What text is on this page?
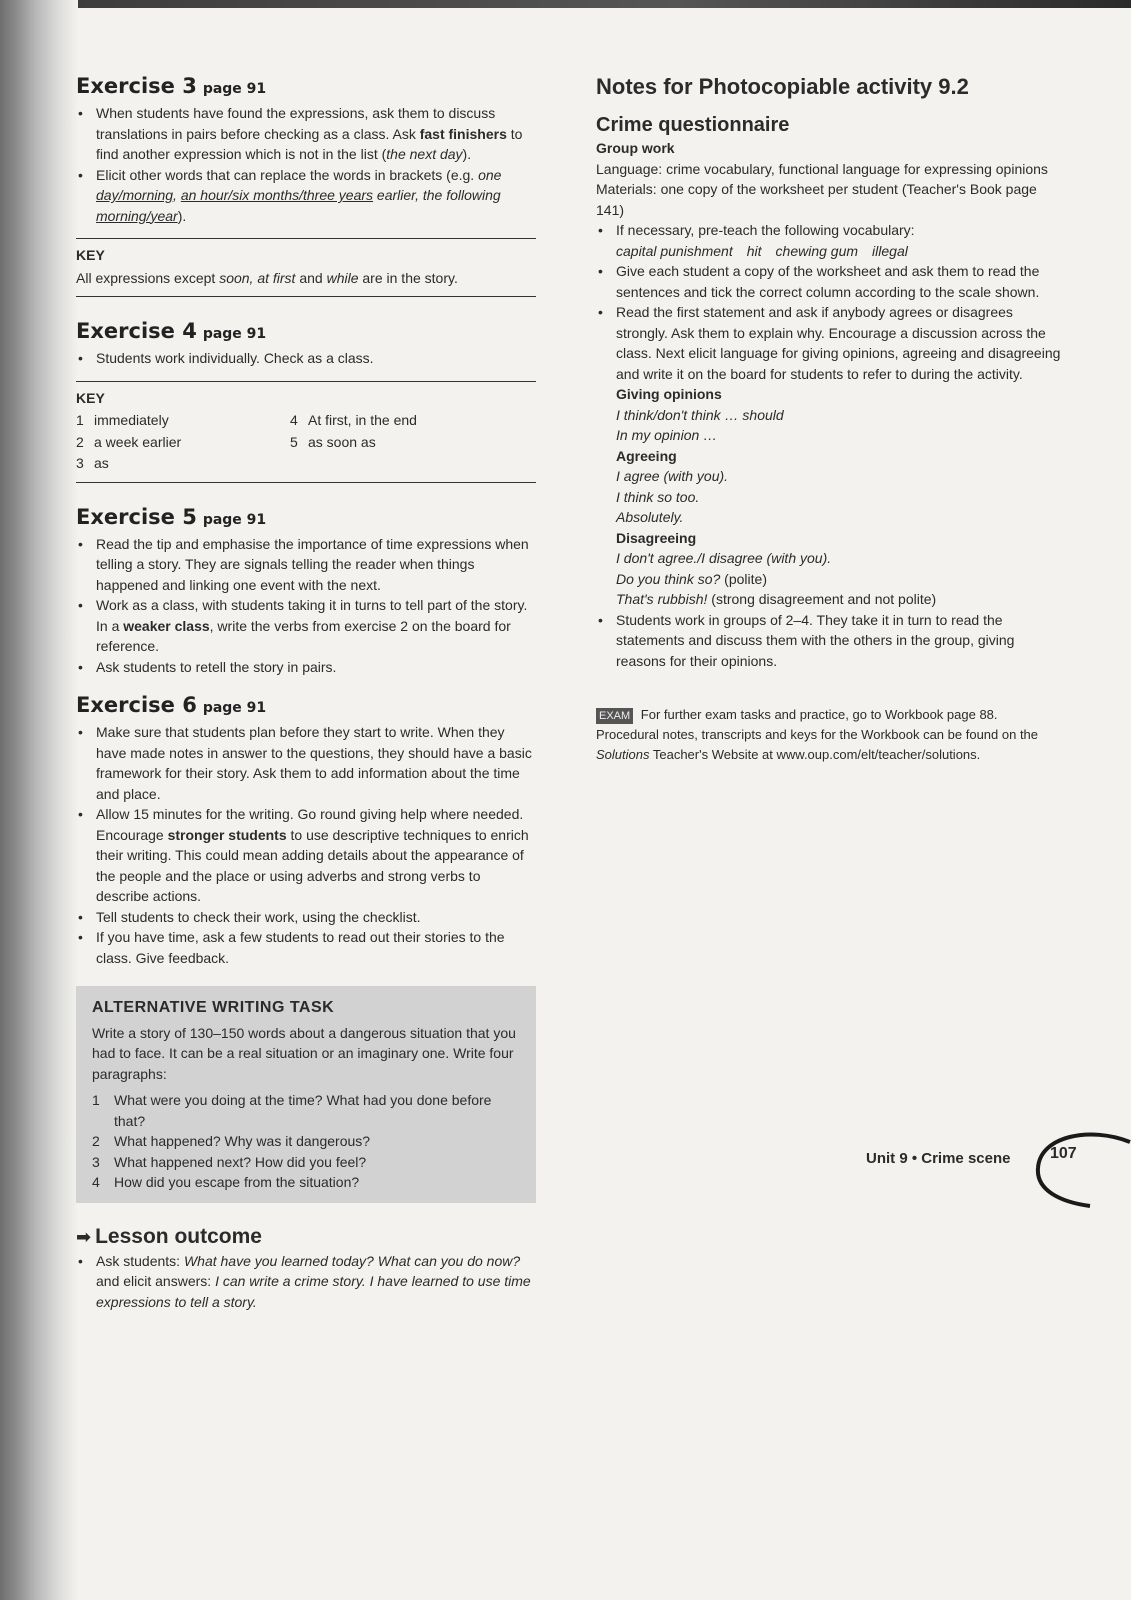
Exercise 3 page 91

• When students have found the expressions, ask them to discuss translations in pairs before checking as a class. Ask fast finishers to find another expression which is not in the list (the next day).
• Elicit other words that can replace the words in brackets (e.g. one day/morning, an hour/six months/three years earlier, the following morning/year).
KEY
All expressions except soon, at first and while are in the story.

Exercise 4 page 91

• Students work individually. Check as a class.
KEY
1 immediately	4 At first, in the end
2 a week earlier	5 as soon as
3 as

Exercise 5 page 91

• Read the tip and emphasise the importance of time expressions when telling a story. They are signals telling the reader when things happened and linking one event with the next.
• Work as a class, with students taking it in turns to tell part of the story. In a weaker class, write the verbs from exercise 2 on the board for reference.
• Ask students to retell the story in pairs.

Exercise 6 page 91

• Make sure that students plan before they start to write. When they have made notes in answer to the questions, they should have a basic framework for their story. Ask them to add information about the time and place.
• Allow 15 minutes for the writing. Go round giving help where needed. Encourage stronger students to use descriptive techniques to enrich their writing. This could mean adding details about the appearance of the people and the place or using adverbs and strong verbs to describe actions.
• Tell students to check their work, using the checklist.
• If you have time, ask a few students to read out their stories to the class. Give feedback.
ALTERNATIVE WRITING TASK
Write a story of 130–150 words about a dangerous situation that you had to face. It can be a real situation or an imaginary one. Write four paragraphs:
1 What were you doing at the time? What had you done before that?
2 What happened? Why was it dangerous?
3 What happened next? How did you feel?
4 How did you escape from the situation?
➡ Lesson outcome
• Ask students: What have you learned today? What can you do now? and elicit answers: I can write a crime story. I have learned to use time expressions to tell a story.

Notes for Photocopiable activity 9.2

Crime questionnaire

Group work
Language: crime vocabulary, functional language for expressing opinions
Materials: one copy of the worksheet per student (Teacher's Book page 141)
• If necessary, pre-teach the following vocabulary:
capital punishment hit chewing gum illegal
• Give each student a copy of the worksheet and ask them to read the sentences and tick the correct column according to the scale shown.
• Read the first statement and ask if anybody agrees or disagrees strongly. Ask them to explain why. Encourage a discussion across the class. Next elicit language for giving opinions, agreeing and disagreeing and write it on the board for students to refer to during the activity.
Giving opinions
I think/don't think … should
In my opinion …
Agreeing
I agree (with you).
I think so too.
Absolutely.
Disagreeing
I don't agree./I disagree (with you).
Do you think so? (polite)
That's rubbish! (strong disagreement and not polite)
• Students work in groups of 2–4. They take it in turn to read the statements and discuss them with the others in the group, giving reasons for their opinions.
EXAM For further exam tasks and practice, go to Workbook page 88. Procedural notes, transcripts and keys for the Workbook can be found on the Solutions Teacher's Website at www.oup.com/elt/teacher/solutions.
Unit 9 • Crime scene 107
